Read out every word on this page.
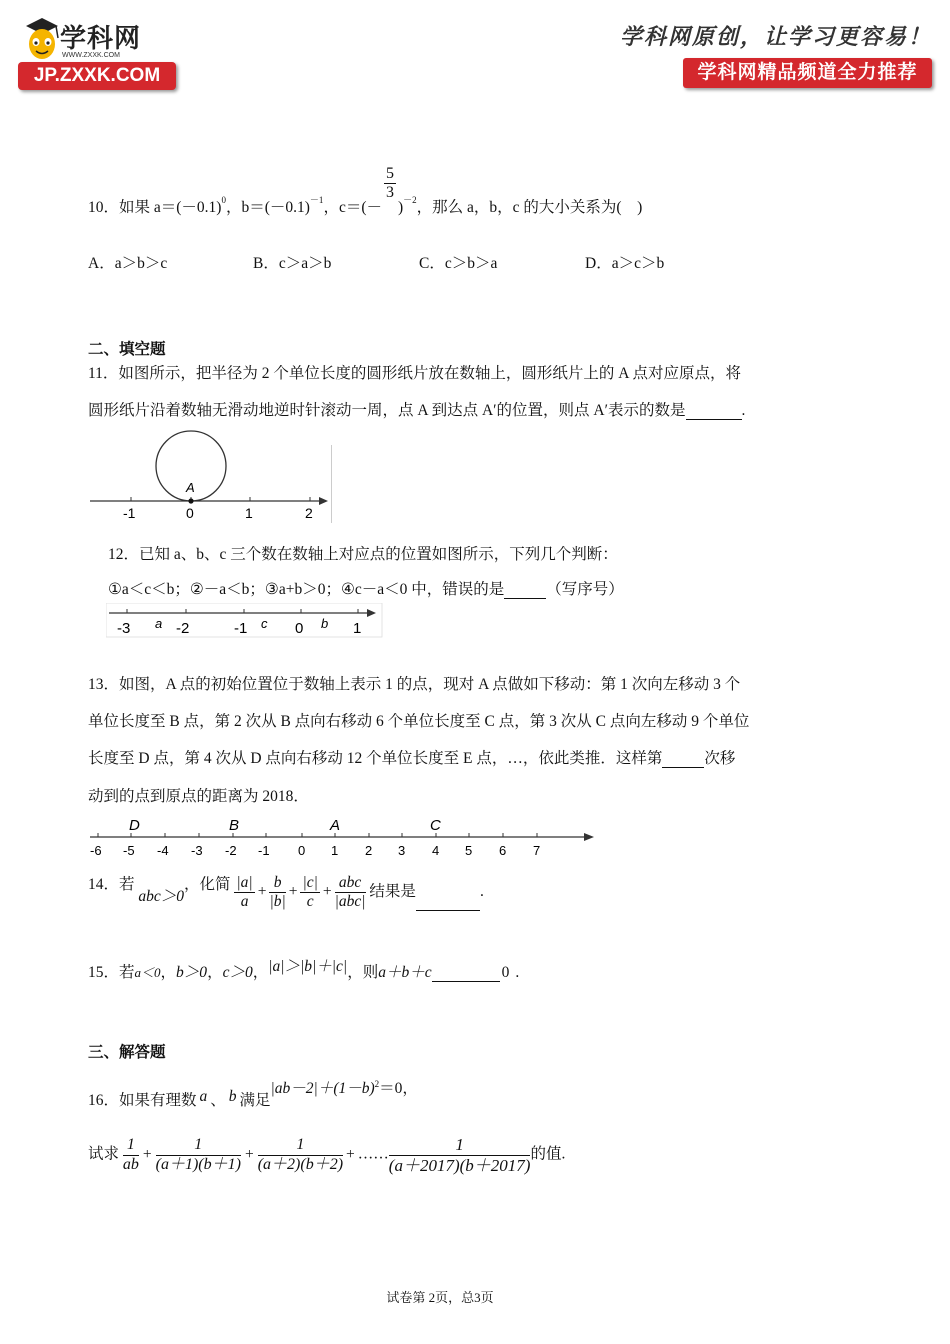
学科网
WWW.ZXXK.COM
JP.ZXXK.COM
学科网原创，让学习更容易！
学科网精品频道全力推荐
10．如果 $a=(-0.1)^0$，$b=(-0.1)^{-1}$，c＝(－
$\frac{5}{3}$
)$^{-2}$，那么 a，b，c 的大小关系为(　)
A．a＞b＞c	B．c＞a＞b	C．c＞b＞a	D．a＞c＞b
二、填空题
11．如图所示，把半径为 2 个单位长度的圆形纸片放在数轴上，圆形纸片上的 A 点对应原点，将
圆形纸片沿着数轴无滑动地逆时针滚动一周，点 A 到达点 A′的位置，则点 A′表示的数是	.
A
-1	0	1	2
12．已知 a、b、c 三个数在数轴上对应点的位置如图所示，下列几个判断：
①a＜c＜b；②－a＜b；③a+b＞0；④c－a＜0 中，错误的是	（写序号）
-3 a -2	-1 c 0 b 1
13．如图，A 点的初始位置位于数轴上表示 1 的点，现对 A 点做如下移动：第 1 次向左移动 3 个
单位长度至 B 点，第 2 次从 B 点向右移动 6 个单位长度至 C 点，第 3 次从 C 点向左移动 9 个单位
长度至 D 点，第 4 次从 D 点向右移动 12 个单位长度至 E 点，…，依此类推．这样第	次移
动到的点到原点的距离为 2018．
D	B	A	C
-6 -5 -4 -3 -2 -1 0 1 2 3 4 5 6 7
14．若 abc＞0，化简 $\frac{|a|}{a} + \frac{b}{|b|} + \frac{|c|}{c} + \frac{\text{abc}}{\text{|abc|}}$ 结果是	.
15．若a＜0，b＞0，c＞0，|a|＞|b|＋|c|，则a＋b＋c	0 .
三、解答题
16．如果有理数 a 、 b 满足$|ab-2|+(1-b)^2=0$，
试求 $\frac{1}{ab} + \frac{1}{(a+1)(b+1)} + \frac{1}{(a+2)(b+2)}$ + …… $\frac{1}{(a+2017)(b+2017)}$ 的值.
试卷第 2页，总3页
